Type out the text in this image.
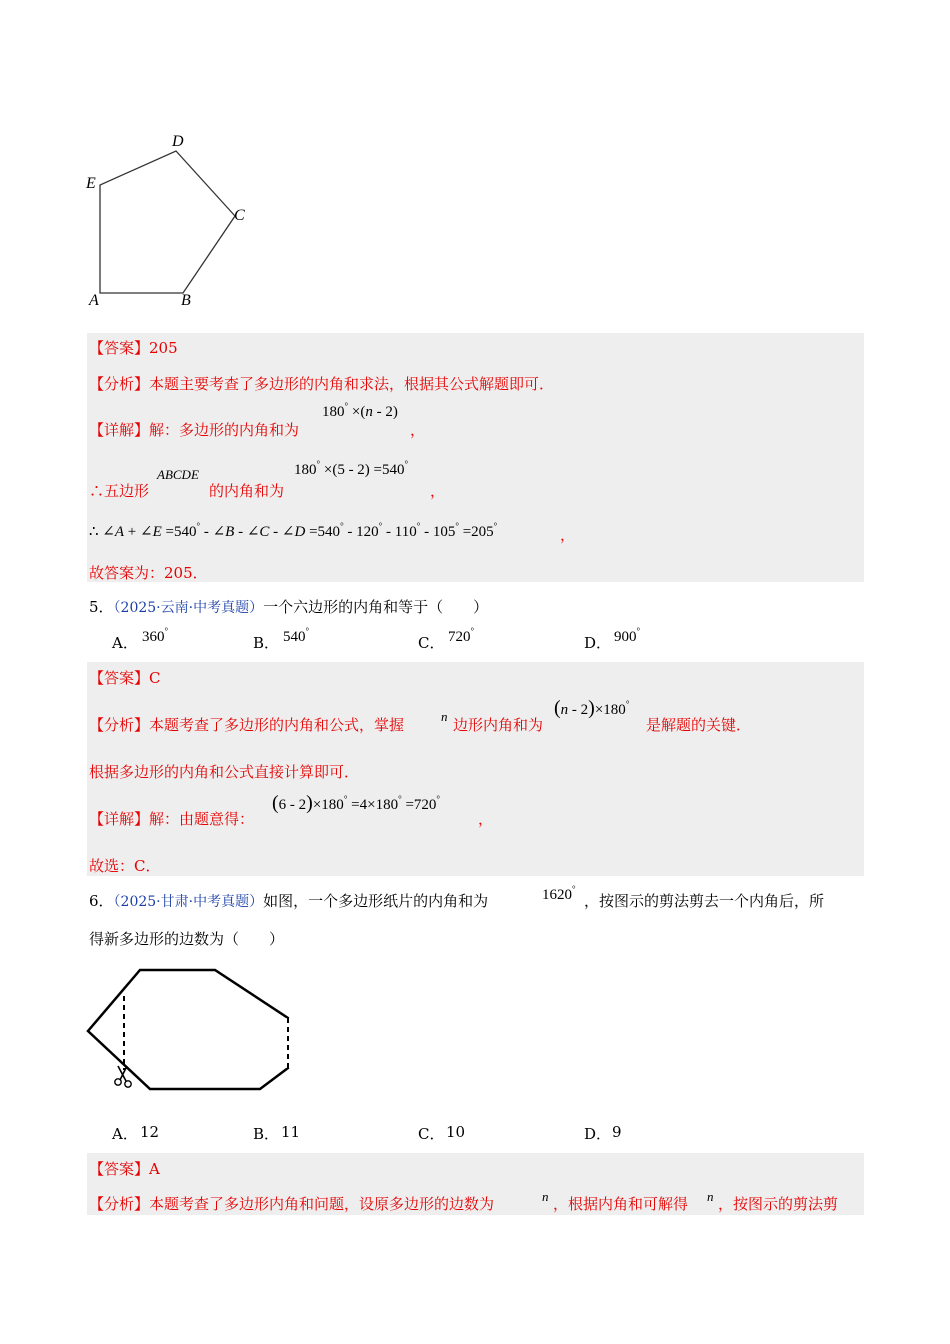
A	B
C
D
E
【答案】205
【分析】本题主要考查了多边形的内角和求法，根据其公式解题即可．
【详解】解：多边形的内角和为
180° ×(n - 2)
，
∴五边形
ABCDE
的内角和为
180° ×(5 - 2) =540°
，
∴ ∠A + ∠E =540° - ∠B - ∠C - ∠D =540° - 120° - 110° - 105° =205°	，
故答案为：205．
5．（2025·云南·中考真题）一个六边形的内角和等于（　　）
A． 360°
B． 540°
C． 720°
D． 900°
【答案】C
【分析】本题考查了多边形的内角和公式，掌握	n 边形内角和为
(n - 2)×180°
是解题的关键．
根据多边形的内角和公式直接计算即可．
【详解】解：由题意得：
(6 - 2)×180° =4×180° =720°
，
故选：C．
6．（2025·甘肃·中考真题）如图，一个多边形纸片的内角和为	1620°
，按图示的剪法剪去一个内角后，所
得新多边形的边数为（　　）
A． 12	B． 11	C． 10	D． 9
【答案】A
【分析】本题考查了多边形内角和问题，设原多边形的边数为	n ，根据内角和可解得 n ，按图示的剪法剪
